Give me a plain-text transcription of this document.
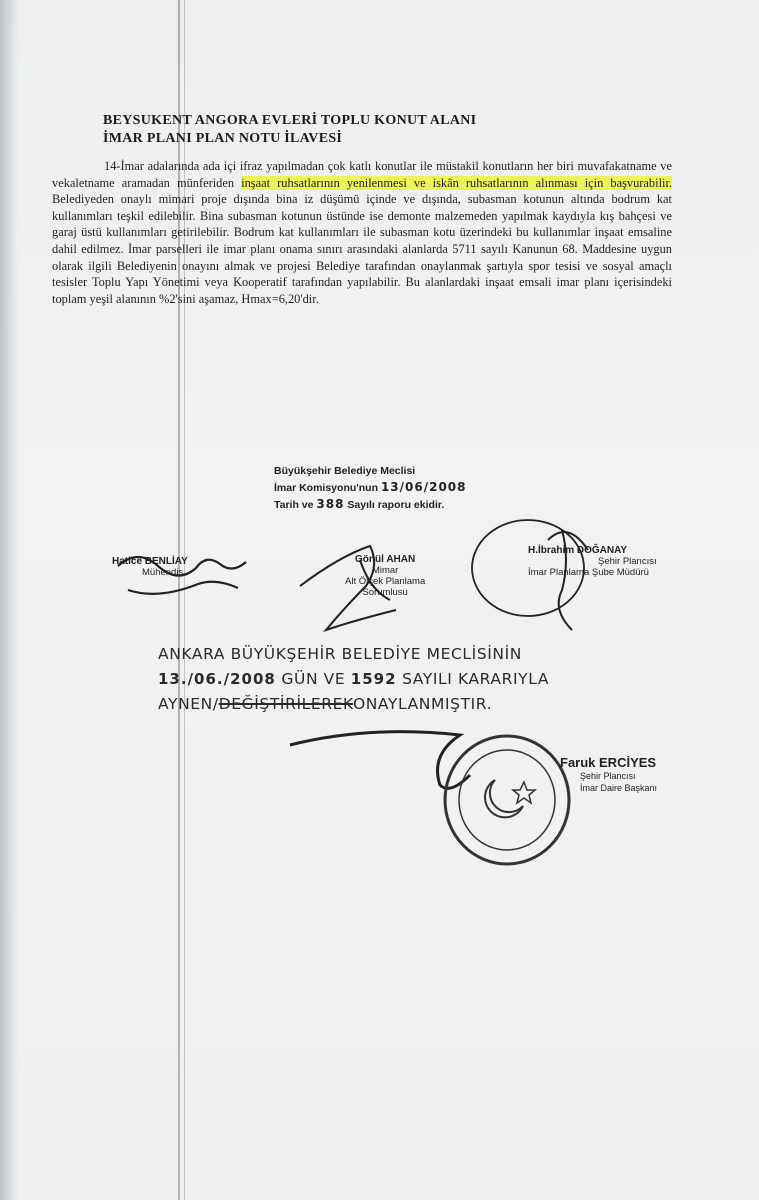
BEYSUKENT ANGORA EVLERİ TOPLU KONUT ALANI
İMAR PLANI PLAN NOTU İLAVESİ

14-İmar adalarında ada içi ifraz yapılmadan çok katlı konutlar ile müstakil konutların her biri muvafakatname ve vekaletname aramadan münferiden inşaat ruhsatlarının yenilenmesi ve iskân ruhsatlarının alınması için başvurabilir. Belediyeden onaylı mimari proje dışında bina iz düşümü içinde ve dışında, subasman kotunun altında bodrum kat kullanımları teşkil edilebilir. Bina subasman kotunun üstünde ise demonte malzemeden yapılmak kaydıyla kış bahçesi ve garaj üstü kullanımları getirilebilir. Bodrum kat kullanımları ile subasman kotu üzerindeki bu kullanımlar inşaat emsaline dahil edilmez. İmar parselleri ile imar planı onama sınırı arasındaki alanlarda 5711 sayılı Kanunun 68. Maddesine uygun olarak ilgili Belediyenin onayını almak ve projesi Belediye tarafından onaylanmak şartıyla spor tesisi ve sosyal amaçlı tesisler Toplu Yapı Yönetimi veya Kooperatif tarafından yapılabilir. Bu alanlardaki inşaat emsali imar planı içerisindeki toplam yeşil alanının %2'sini aşamaz, Hmax=6,20'dir.

Büyükşehir Belediye Meclisi
İmar Komisyonu'nun 13/06/2008
Tarih ve 388 Sayılı raporu ekidir.
Hatice BENLİAY
Mühendis
Gönül AHAN
Mimar
Alt Ölçek Planlama
Sorumlusu
H.İbrahim DOĞANAY
Şehir Plancısı
İmar Planlama Şube Müdürü
ANKARA BÜYÜKŞEHİR BELEDİYE MECLİSİNİN
13./06./2008 GÜN VE 1592 SAYILI KARARIYLA
AYNEN/DEĞİŞTİRİLEREKONAYLANMIŞTIR.
Faruk ERCİYES
Şehir Plancısı
İmar Daire Başkanı
